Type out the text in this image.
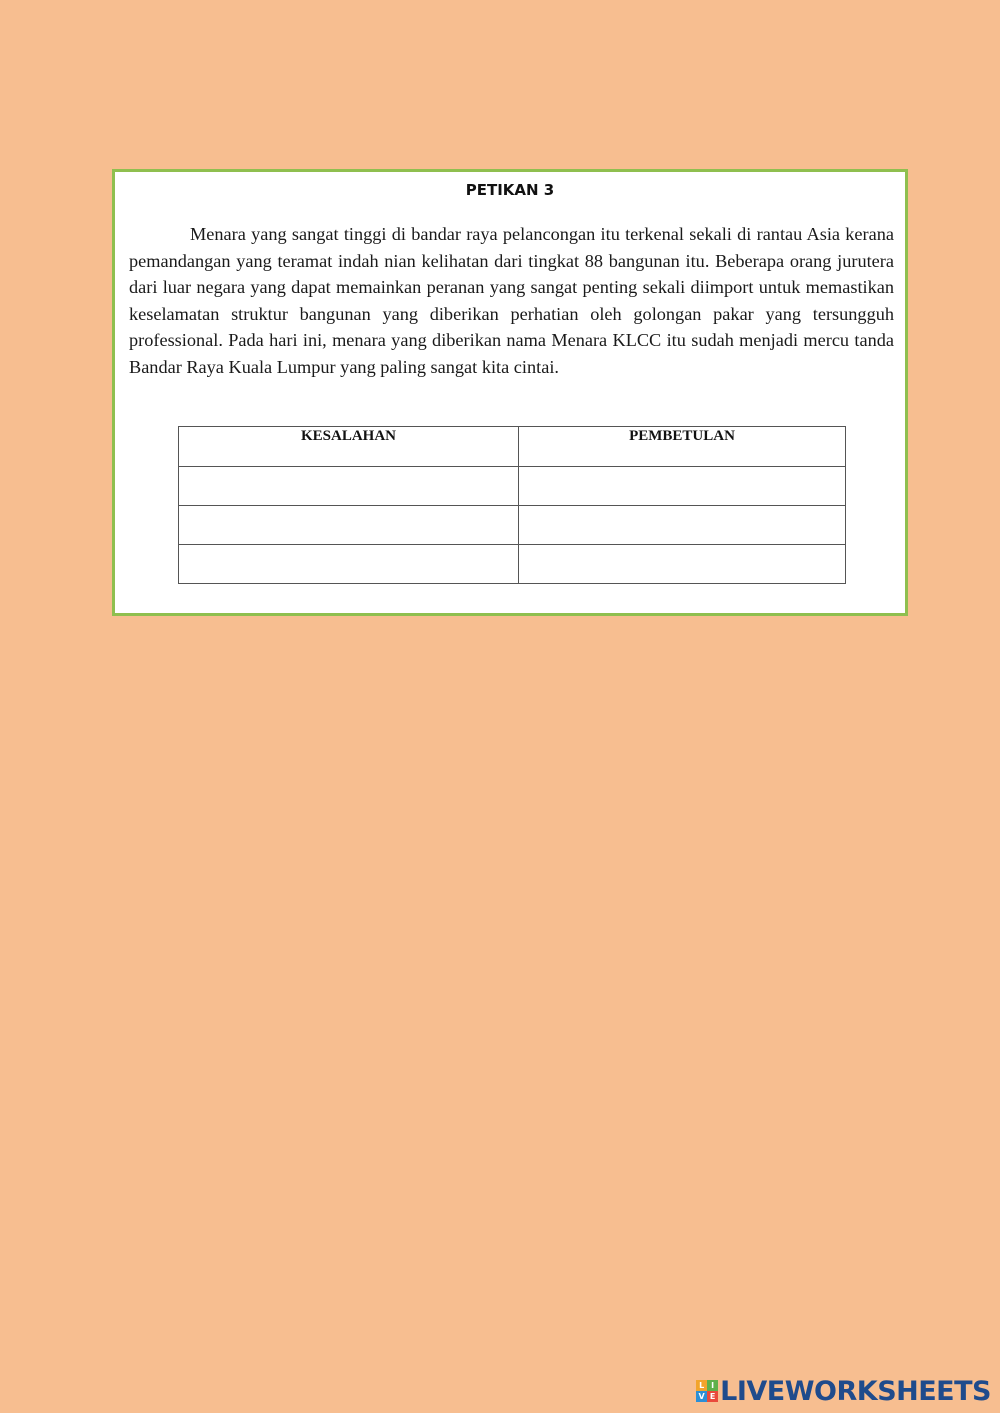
PETIKAN 3

Menara yang sangat tinggi di bandar raya pelancongan itu terkenal sekali di rantau Asia kerana pemandangan yang teramat indah nian kelihatan dari tingkat 88 bangunan itu. Beberapa orang jurutera dari luar negara yang dapat memainkan peranan yang sangat penting sekali diimport untuk memastikan keselamatan struktur bangunan yang diberikan perhatian oleh golongan pakar yang tersungguh professional. Pada hari ini, menara yang diberikan nama Menara KLCC itu sudah menjadi mercu tanda Bandar Raya Kuala Lumpur yang paling sangat kita cintai.

KESALAHAN	PEMBETULAN

L I
V E LIVEWORKSHEETS
